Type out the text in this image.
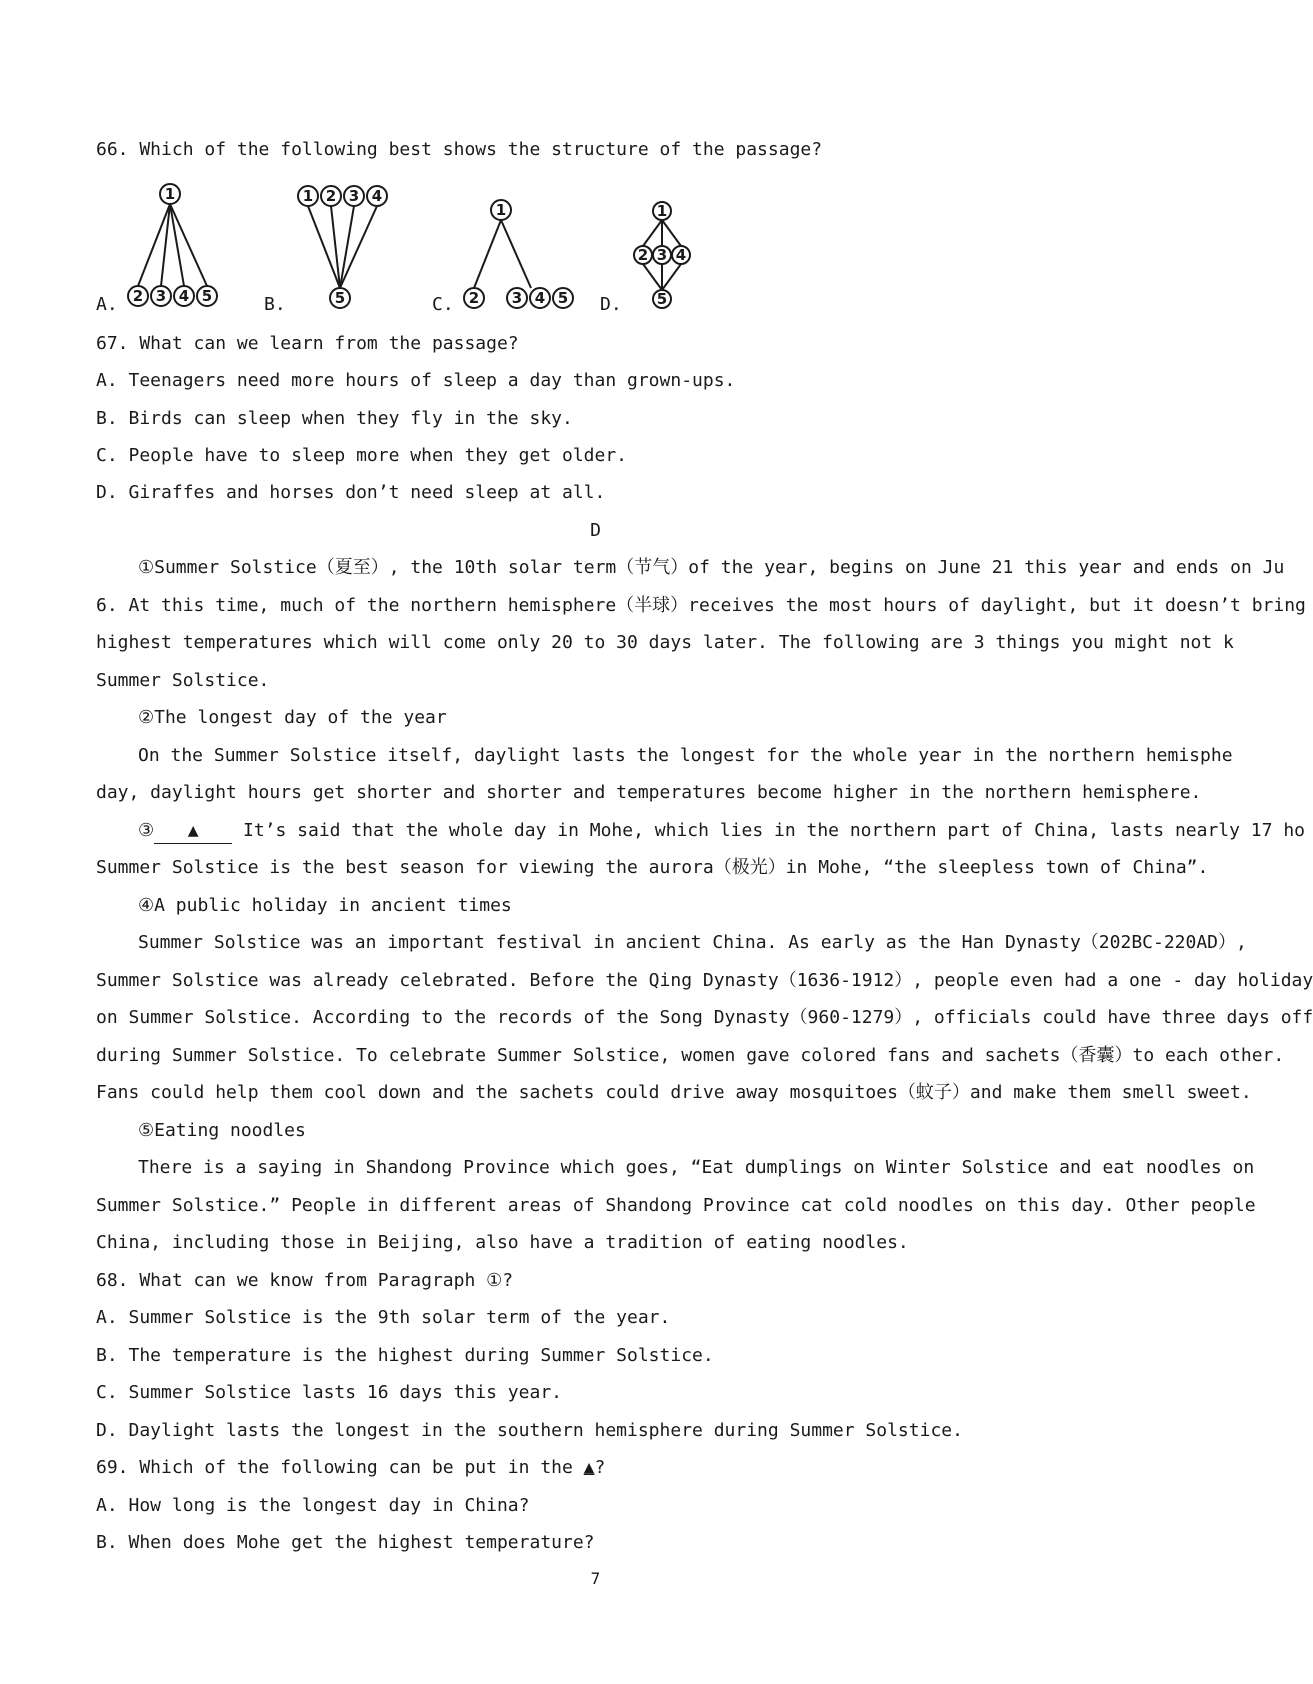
66. Which of the following best shows the structure of the passage?
A.
1
2 3 4 5	B.
1 2 3 4
5	C.
1
2 3 4 5 D.
1
2 3 4
5
67. What can we learn from the passage?
A. Teenagers need more hours of sleep a day than grown-ups.
B. Birds can sleep when they fly in the sky.
C. People have to sleep more when they get older.
D. Giraffes and horses don’t need sleep at all.
D
①Summer Solstice（夏至）, the 10th solar term（节气）of the year, begins on June 21 this year and ends on Ju
6. At this time, much of the northern hemisphere（半球）receives the most hours of daylight, but it doesn’t bring
highest temperatures which will come only 20 to 30 days later. The following are 3 things you might not k
Summer Solstice.
②The longest day of the year
On the Summer Solstice itself, daylight lasts the longest for the whole year in the northern hemisphe
day, daylight hours get shorter and shorter and temperatures become higher in the northern hemisphere.
③ ▲ It’s said that the whole day in Mohe, which lies in the northern part of China, lasts nearly 17 ho
Summer Solstice is the best season for viewing the aurora（极光）in Mohe, “the sleepless town of China”.
④A public holiday in ancient times
Summer Solstice was an important festival in ancient China. As early as the Han Dynasty（202BC-220AD）,
Summer Solstice was already celebrated. Before the Qing Dynasty（1636-1912）, people even had a one - day holiday
on Summer Solstice. According to the records of the Song Dynasty（960-1279）, officials could have three days off
during Summer Solstice. To celebrate Summer Solstice, women gave colored fans and sachets（香囊）to each other.
Fans could help them cool down and the sachets could drive away mosquitoes（蚊子）and make them smell sweet.
⑤Eating noodles
There is a saying in Shandong Province which goes, “Eat dumplings on Winter Solstice and eat noodles on
Summer Solstice.” People in different areas of Shandong Province cat cold noodles on this day. Other people
China, including those in Beijing, also have a tradition of eating noodles.
68. What can we know from Paragraph ①?
A. Summer Solstice is the 9th solar term of the year.
B. The temperature is the highest during Summer Solstice.
C. Summer Solstice lasts 16 days this year.
D. Daylight lasts the longest in the southern hemisphere during Summer Solstice.
69. Which of the following can be put in the ▲?
A. How long is the longest day in China?
B. When does Mohe get the highest temperature?
7
